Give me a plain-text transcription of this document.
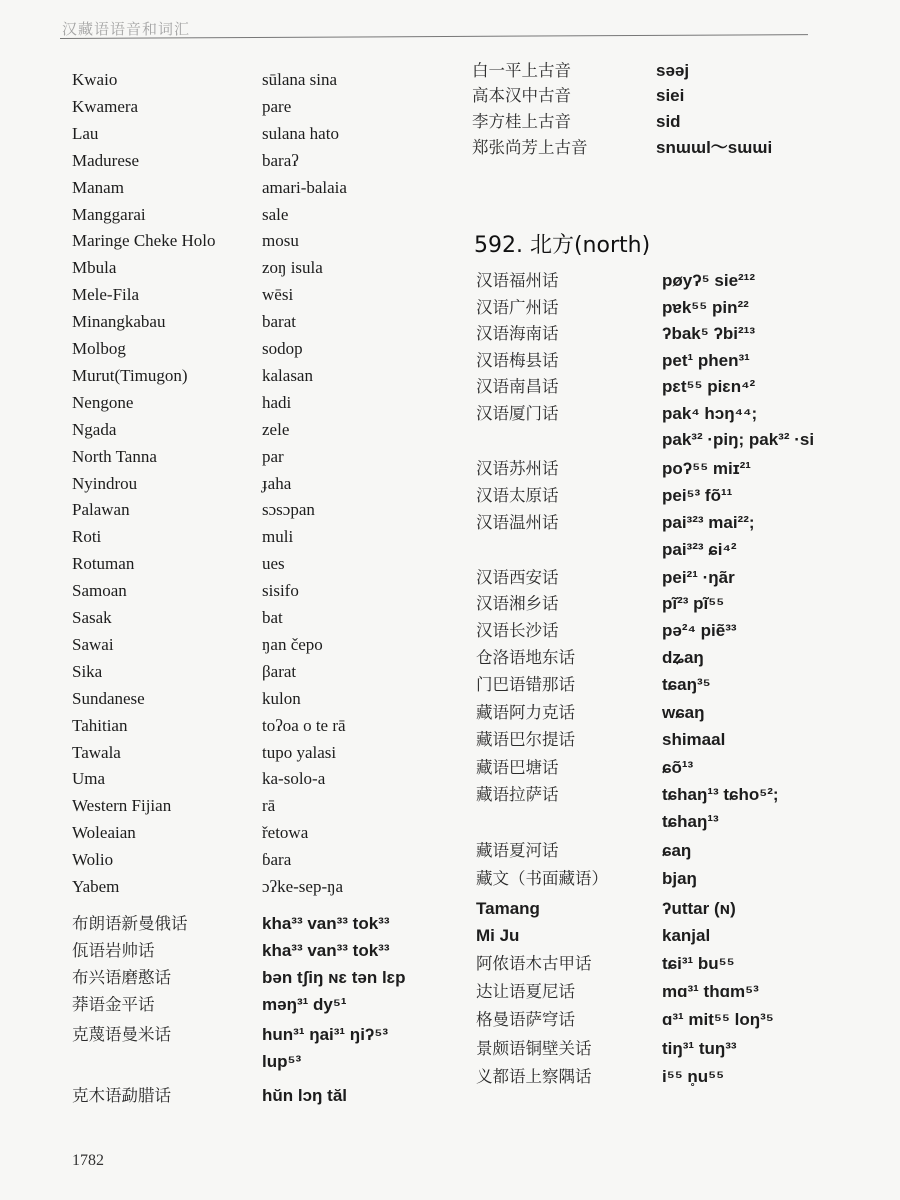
汉藏语语音和词汇
Kwaio	sūlana sina
Kwamera	pare
Lau	sulana hato
Madurese	baraʔ
Manam	amari-balaia
Manggarai	sale
Maringe Cheke Holo	mosu
Mbula	zoŋ isula
Mele-Fila	wēsi
Minangkabau	barat
Molbog	sodop
Murut(Timugon)	kalasan
Nengone	hadi
Ngada	zele
North Tanna	par
Nyindrou	ɟaha
Palawan	sɔsɔpan
Roti	muli
Rotuman	ues
Samoan	sisifo
Sasak	bat
Sawai	ŋan čepo
Sika	βarat
Sundanese	kulon
Tahitian	toʔoa o te rā
Tawala	tupo yalasi
Uma	ka-solo-a
Western Fijian	rā
Woleaian	řetowa
Wolio	ɓara
Yabem	ɔʔke-sep-ŋa
布朗语新曼俄话	kha³³ van³³ tok³³
佤语岩帅话	kha³³ van³³ tok³³
布兴语磨憨话	bən tʃiŋ ɴɛ tən lɛp
莽语金平话	məŋ³¹ dy⁵¹
克蔑语曼米话	hun³¹ ŋai³¹ ŋiʔ⁵³
lup⁵³
克木语勐腊话	hŭn lɔŋ tăl
白一平上古音	səəj
高本汉中古音	siei
李方桂上古音	sid
郑张尚芳上古音	snɯɯl～sɯɯi
592. 北方(north)
汉语福州话	pøyʔ⁵ sie²¹²
汉语广州话	pɐk⁵⁵ pin²²
汉语海南话	ʔbak⁵ ʔbi²¹³
汉语梅县话	pet¹ phen³¹
汉语南昌话	pɛt⁵⁵ piɛn⁴²
汉语厦门话	pak⁴ hɔŋ⁴⁴;
pak³² ·piŋ; pak³² ·si
汉语苏州话	poʔ⁵⁵ miɪ²¹
汉语太原话	pei⁵³ fõ¹¹
汉语温州话	pai³²³ mai²²;
pai³²³ ɕi⁴²
汉语西安话	pei²¹ ·ŋãr
汉语湘乡话	pĩ²³ pĩ⁵⁵
汉语长沙话	pə²⁴ piẽ³³
仓洛语地东话	dʑaŋ
门巴语错那话	tɕaŋ³⁵
藏语阿力克话	wɕaŋ
藏语巴尔提话	shimaal
藏语巴塘话	ɕõ¹³
藏语拉萨话	tɕhaŋ¹³ tɕho⁵²;
tɕhaŋ¹³
藏语夏河话	ɕaŋ
藏文（书面藏语）	bjaŋ
Tamang	ʔuttar (ɴ)
Mi Ju	kanjal
阿侬语木古甲话	tɕi³¹ bu⁵⁵
达让语夏尼话	mɑ³¹ thɑm⁵³
格曼语萨穹话	ɑ³¹ mit⁵⁵ loŋ³⁵
景颇语铜壁关话	tiŋ³¹ tuŋ³³
义都语上察隅话	i⁵⁵ n̥u⁵⁵
1782
